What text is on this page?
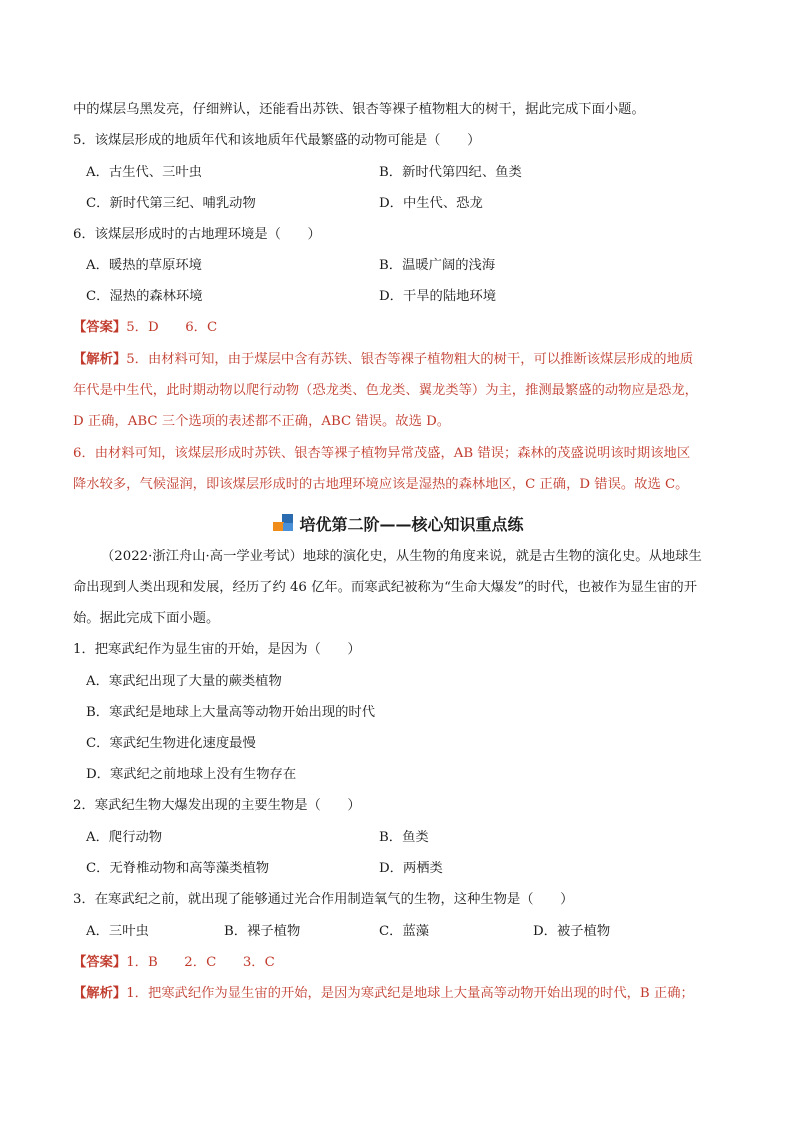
中的煤层乌黑发亮，仔细辨认，还能看出苏铁、银杏等裸子植物粗大的树干，据此完成下面小题。
5．该煤层形成的地质年代和该地质年代最繁盛的动物可能是（　　）
A．古生代、三叶虫	B．新时代第四纪、鱼类
C．新时代第三纪、哺乳动物	D．中生代、恐龙
6．该煤层形成时的古地理环境是（　　）
A．暖热的草原环境	B．温暖广阔的浅海
C．湿热的森林环境	D．干旱的陆地环境
【答案】5．D　　6．C
【解析】5．由材料可知，由于煤层中含有苏铁、银杏等裸子植物粗大的树干，可以推断该煤层形成的地质
年代是中生代，此时期动物以爬行动物（恐龙类、色龙类、翼龙类等）为主，推测最繁盛的动物应是恐龙，
D 正确，ABC 三个选项的表述都不正确，ABC 错误。故选 D。
6．由材料可知，该煤层形成时苏铁、银杏等裸子植物异常茂盛，AB 错误；森林的茂盛说明该时期该地区
降水较多，气候湿润，即该煤层形成时的古地理环境应该是湿热的森林地区，C 正确，D 错误。故选 C。
培优第二阶——核心知识重点练
（2022·浙江舟山·高一学业考试）地球的演化史，从生物的角度来说，就是古生物的演化史。从地球生
命出现到人类出现和发展，经历了约 46 亿年。而寒武纪被称为“生命大爆发”的时代，也被作为显生宙的开
始。据此完成下面小题。
1．把寒武纪作为显生宙的开始，是因为（　　）
A．寒武纪出现了大量的蕨类植物
B．寒武纪是地球上大量高等动物开始出现的时代
C．寒武纪生物进化速度最慢
D．寒武纪之前地球上没有生物存在
2．寒武纪生物大爆发出现的主要生物是（　　）
A．爬行动物	B．鱼类
C．无脊椎动物和高等藻类植物	D．两栖类
3．在寒武纪之前，就出现了能够通过光合作用制造氧气的生物，这种生物是（　　）
A．三叶虫	B．裸子植物	C．蓝藻	D．被子植物
【答案】1．B　　2．C　　3．C
【解析】1．把寒武纪作为显生宙的开始，是因为寒武纪是地球上大量高等动物开始出现的时代，B 正确；
